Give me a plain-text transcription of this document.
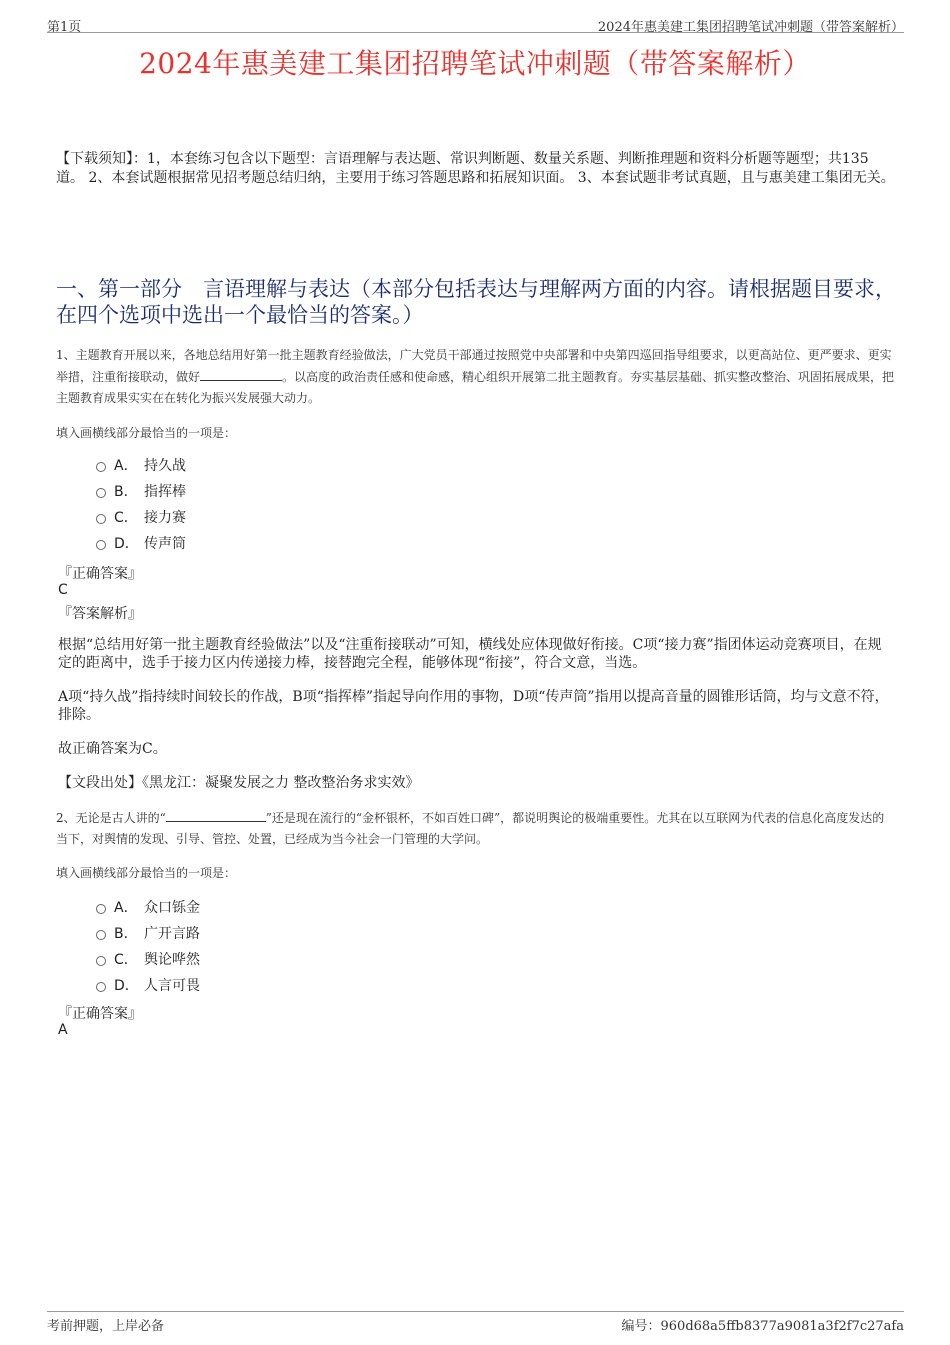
第1页	2024年惠美建工集团招聘笔试冲刺题（带答案解析）
2024年惠美建工集团招聘笔试冲刺题（带答案解析）
【下载须知】：1，本套练习包含以下题型：言语理解与表达题、常识判断题、数量关系题、判断推理题和资料分析题等题型；共135道。 2、本套试题根据常见招考题总结归纳，主要用于练习答题思路和拓展知识面。 3、本套试题非考试真题，且与惠美建工集团无关。
一、第一部分　言语理解与表达（本部分包括表达与理解两方面的内容。请根据题目要求，在四个选项中选出一个最恰当的答案。）
1、主题教育开展以来，各地总结用好第一批主题教育经验做法，广大党员干部通过按照党中央部署和中央第四巡回指导组要求，以更高站位、更严要求、更实举措，注重衔接联动，做好	。以高度的政治责任感和使命感，精心组织开展第二批主题教育。夯实基层基础、抓实整改整治、巩固拓展成果，把主题教育成果实实在在转化为振兴发展强大动力。
填入画横线部分最恰当的一项是：
A． 持久战
B． 指挥棒
C． 接力赛
D． 传声筒
『正确答案』
C
『答案解析』
根据“总结用好第一批主题教育经验做法”以及“注重衔接联动”可知，横线处应体现做好衔接。C项“接力赛”指团体运动竞赛项目，在规定的距离中，选手于接力区内传递接力棒，接替跑完全程，能够体现“衔接”，符合文意，当选。
A项“持久战”指持续时间较长的作战，B项“指挥棒”指起导向作用的事物，D项“传声筒”指用以提高音量的圆锥形话筒，均与文意不符，排除。
故正确答案为C。
【文段出处】《黑龙江：凝聚发展之力 整改整治务求实效》
2、无论是古人讲的“	”还是现在流行的“金杯银杯，不如百姓口碑”，都说明舆论的极端重要性。尤其在以互联网为代表的信息化高度发达的当下，对舆情的发现、引导、管控、处置，已经成为当今社会一门管理的大学问。
填入画横线部分最恰当的一项是：
A． 众口铄金
B． 广开言路
C． 舆论哗然
D． 人言可畏
『正确答案』
A
考前押题，上岸必备	编号：960d68a5ffb8377a9081a3f2f7c27afa
